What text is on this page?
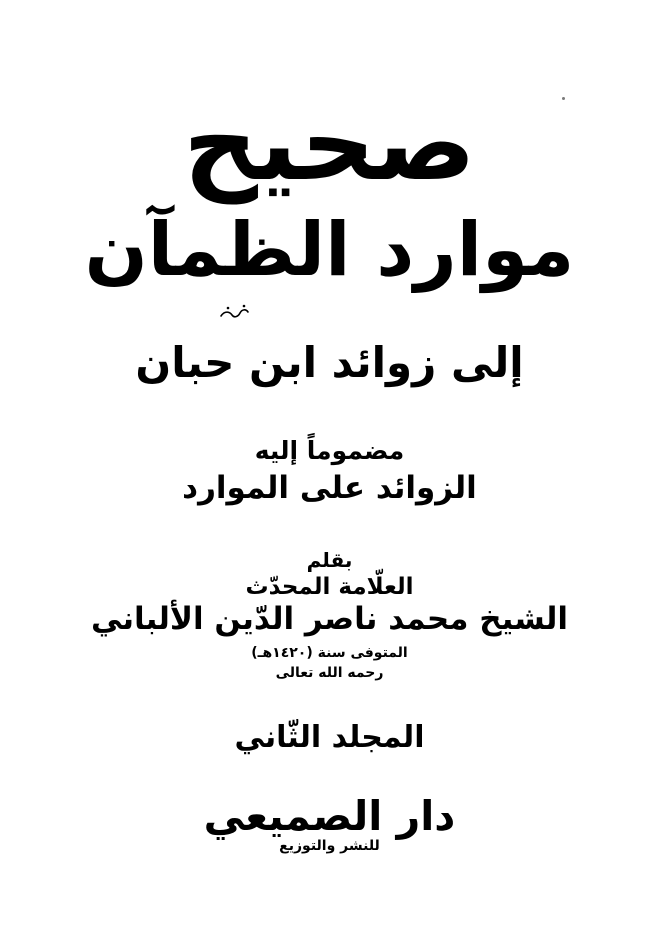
صحيح
موارد الظمآن
إلى زوائد ابن حبان
مضموماً إليه
الزوائد على الموارد
بقلم
العلّامة المحدّث
الشيخ محمد ناصر الدّين الألباني
المتوفى سنة (١٤٢٠هـ)
رحمه الله تعالى
المجلد الثّاني
دار الصميعي
للنشر والتوزيع
